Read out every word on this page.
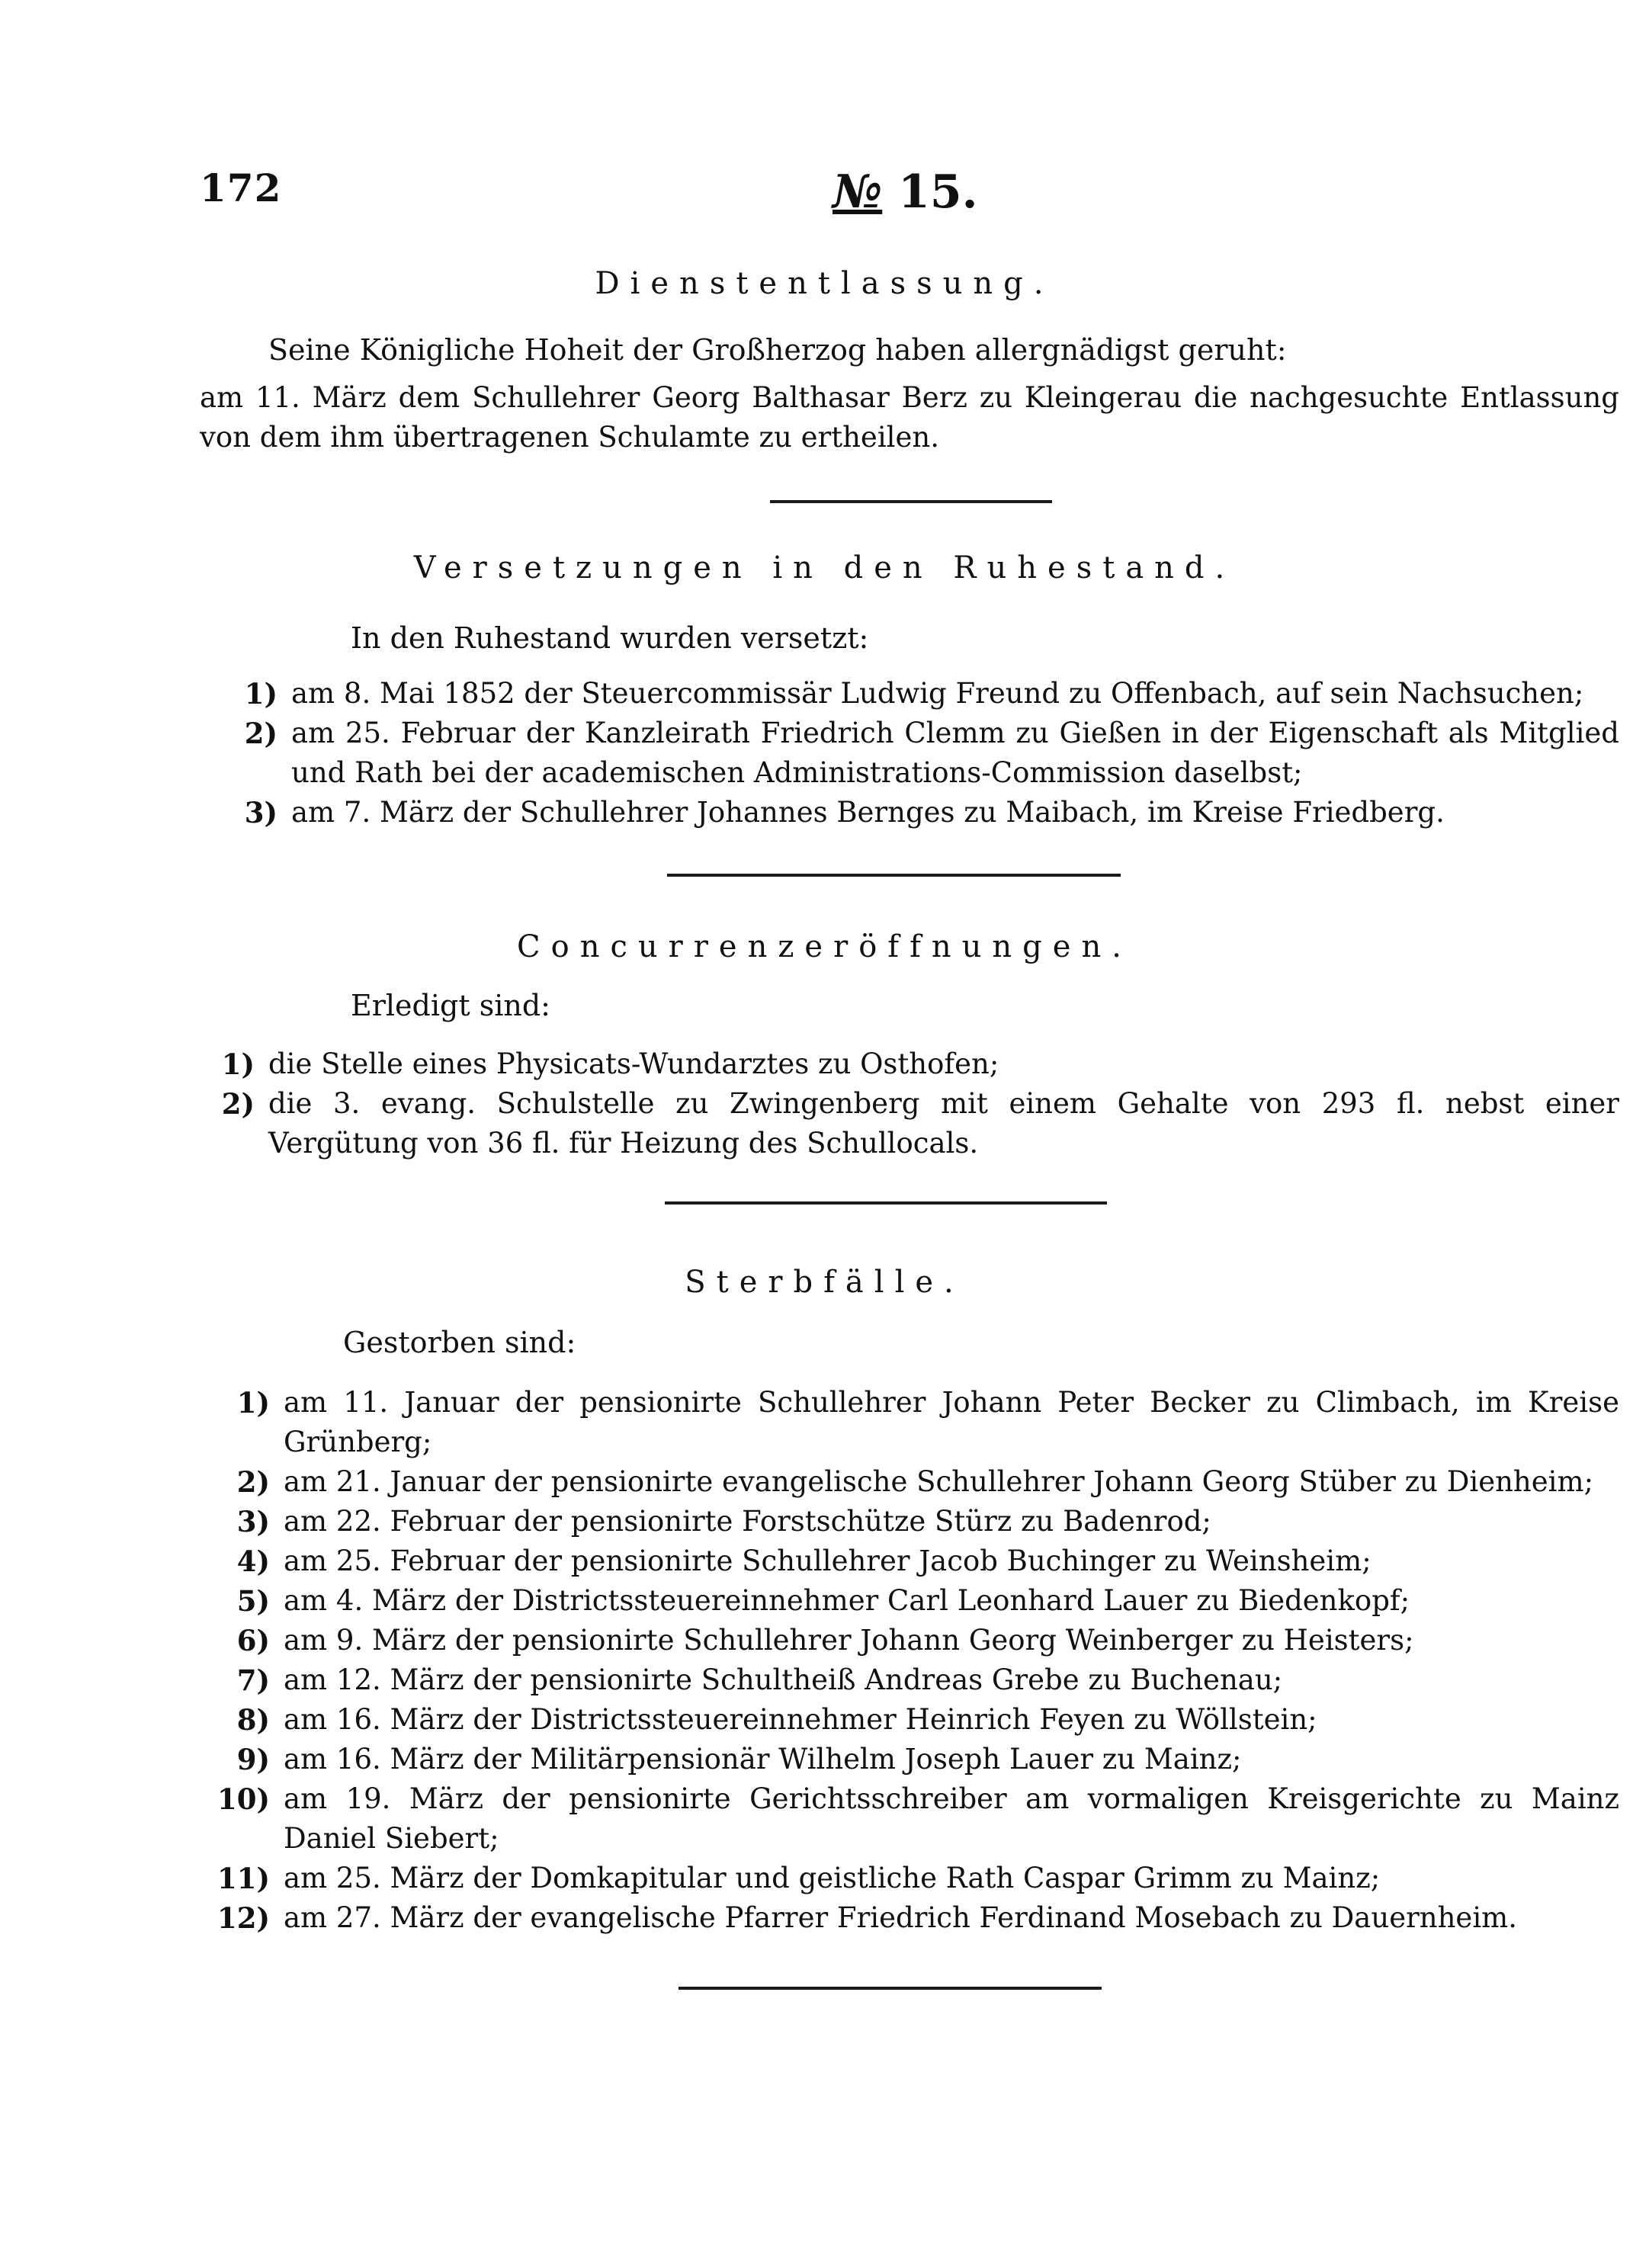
172	№ 15.
Dienstentlassung.
Seine Königliche Hoheit der Großherzog haben allergnädigst geruht:

am 11. März dem Schullehrer Georg Balthasar Berz zu Kleingerau die nachgesuchte Entlassung von dem ihm übertragenen Schulamte zu ertheilen.

Versetzungen in den Ruhestand.
In den Ruhestand wurden versetzt:
1) am 8. Mai 1852 der Steuercommissär Ludwig Freund zu Offenbach, auf sein Nachsuchen;
2) am 25. Februar der Kanzleirath Friedrich Clemm zu Gießen in der Eigenschaft als Mitglied und Rath bei der academischen Administrations-Commission daselbst;
3) am 7. März der Schullehrer Johannes Bernges zu Maibach, im Kreise Friedberg.
Concurrenzeröffnungen.
Erledigt sind:
1) die Stelle eines Physicats-Wundarztes zu Osthofen;
2) die 3. evang. Schulstelle zu Zwingenberg mit einem Gehalte von 293 fl. nebst einer Vergütung von 36 fl. für Heizung des Schullocals.
Sterbfälle.
Gestorben sind:
1) am 11. Januar der pensionirte Schullehrer Johann Peter Becker zu Climbach, im Kreise Grünberg;
2) am 21. Januar der pensionirte evangelische Schullehrer Johann Georg Stüber zu Dienheim;
3) am 22. Februar der pensionirte Forstschütze Stürz zu Badenrod;
4) am 25. Februar der pensionirte Schullehrer Jacob Buchinger zu Weinsheim;
5) am 4. März der Districtssteuereinnehmer Carl Leonhard Lauer zu Biedenkopf;
6) am 9. März der pensionirte Schullehrer Johann Georg Weinberger zu Heisters;
7) am 12. März der pensionirte Schultheiß Andreas Grebe zu Buchenau;
8) am 16. März der Districtssteuereinnehmer Heinrich Feyen zu Wöllstein;
9) am 16. März der Militärpensionär Wilhelm Joseph Lauer zu Mainz;
10) am 19. März der pensionirte Gerichtsschreiber am vormaligen Kreisgerichte zu Mainz Daniel Siebert;
11) am 25. März der Domkapitular und geistliche Rath Caspar Grimm zu Mainz;
12) am 27. März der evangelische Pfarrer Friedrich Ferdinand Mosebach zu Dauernheim.
